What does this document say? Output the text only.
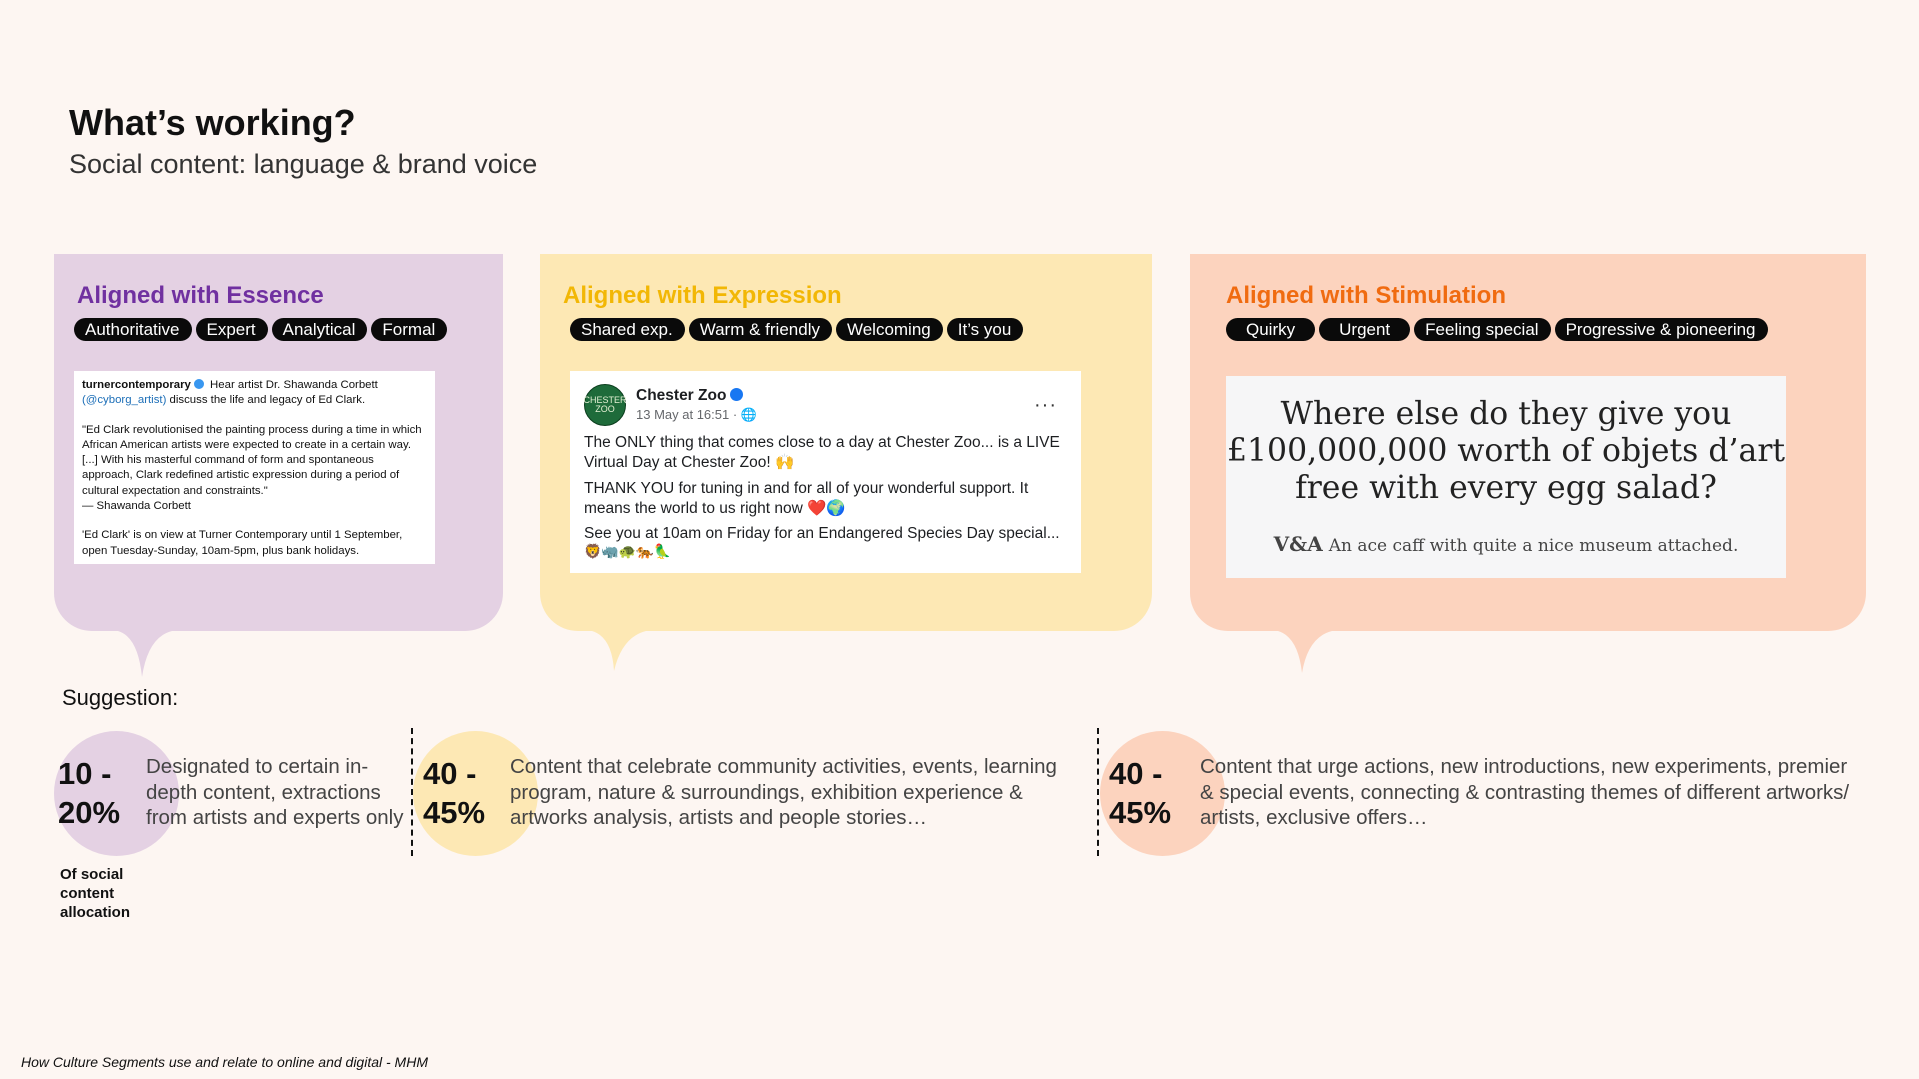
What’s working?
Social content: language & brand voice
Aligned with Essence
Authoritative	Expert	Analytical	Formal

turnercontemporary Hear artist Dr. Shawanda Corbett (@cyborg_artist) discuss the life and legacy of Ed Clark.

"Ed Clark revolutionised the painting process during a time in which African American artists were expected to create in a certain way. [...] With his masterful command of form and spontaneous approach, Clark redefined artistic expression during a period of cultural expectation and constraints."

— Shawanda Corbett

'Ed Clark' is on view at Turner Contemporary until 1 September, open Tuesday-Sunday, 10am-5pm, plus bank holidays.

Aligned with Expression
Shared exp.	Warm & friendly	Welcoming	It’s you
CHESTER ZOO
Chester Zoo
13 May at 16:51 · 🌐	···

The ONLY thing that comes close to a day at Chester Zoo... is a LIVE Virtual Day at Chester Zoo! 🙌

THANK YOU for tuning in and for all of your wonderful support. It means the world to us right now ❤️🌍

See you at 10am on Friday for an Endangered Species Day special...

🦁🦏🐢🐅🦜

Aligned with Stimulation
Quirky	Urgent	Feeling special	Progressive & pioneering
Where else do they give you
£100,000,000 worth of objets d’art
free with every egg salad?
V&A An ace caff with quite a nice museum attached.
Suggestion:
10 -
20%
Designated to certain in-depth content, extractions from artists and experts only
Of social content allocation
40 -
45%
Content that celebrate community activities, events, learning program, nature & surroundings, exhibition experience & artworks analysis, artists and people stories…
40 -
45%
Content that urge actions, new introductions, new experiments, premier & special events, connecting & contrasting themes of different artworks/ artists, exclusive offers…
How Culture Segments use and relate to online and digital - MHM
